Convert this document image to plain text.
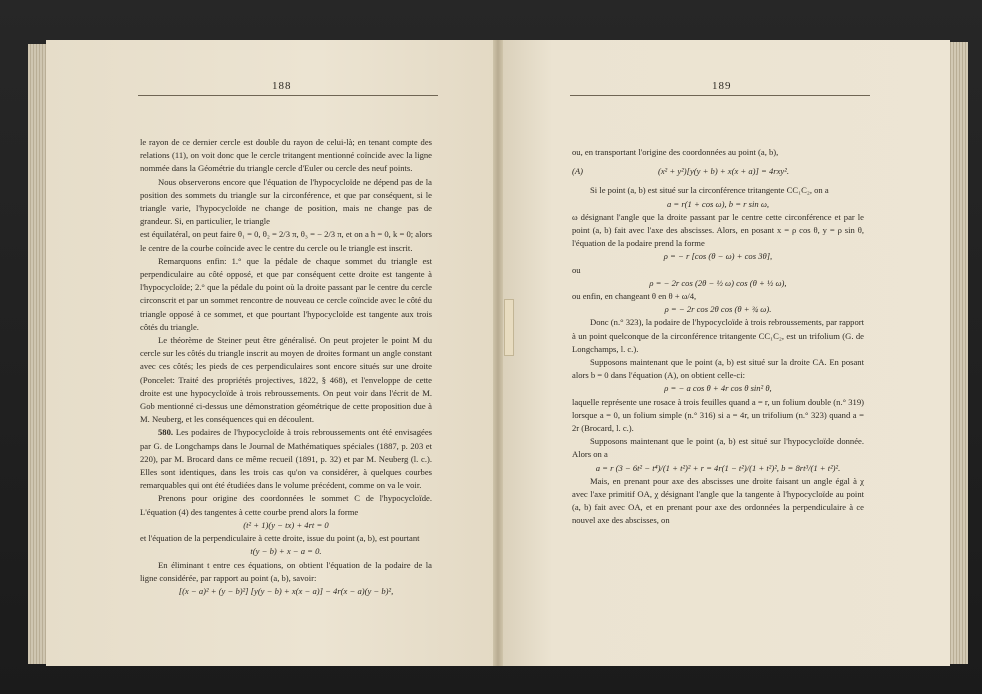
188

le rayon de ce dernier cercle est double du rayon de celui-là; en tenant compte des relations (11), on voit donc que le cercle tritangent mentionné coïncide avec la ligne nommée dans la Géométrie du triangle cercle d'Euler ou cercle des neuf points.

Nous observerons encore que l'équation de l'hypocycloïde ne dépend pas de la position des sommets du triangle sur la circonférence, et que par conséquent, si le triangle varie, l'hypocycloïde ne change de position, mais ne change pas de grandeur. Si, en particulier, le triangle

est équilatéral, on peut faire θ₁ = 0, θ₂ = 2/3 π, θ₃ = − 2/3 π, et on a h = 0, k = 0; alors le centre de la courbe coïncide avec le centre du cercle ou le triangle est inscrit.

Remarquons enfin: 1.° que la pédale de chaque sommet du triangle est perpendiculaire au côté opposé, et que par conséquent cette droite est tangente à l'hypocycloïde; 2.° que la pédale du point où la droite passant par le centre du cercle circonscrit et par un sommet rencontre de nouveau ce cercle coïncide avec le côté du triangle opposé à ce sommet, et que pourtant l'hypocycloïde est tangente aux trois côtés du triangle.

Le théorème de Steiner peut être généralisé. On peut projeter le point M du cercle sur les côtés du triangle inscrit au moyen de droites formant un angle constant avec ces côtés; les pieds de ces perpendiculaires sont encore situés sur une droite (Poncelet: Traité des propriétés projectives, 1822, § 468), et l'enveloppe de cette droite est une hypocycloïde à trois rebroussements. On peut voir dans l'écrit de M. Gob mentionné ci-dessus une démonstration géométrique de cette proposition due à M. Neuberg, et les conséquences qui en découlent.

580. Les podaires de l'hypocycloïde à trois rebroussements ont été envisagées par G. de Longchamps dans le Journal de Mathématiques spéciales (1887, p. 203 et 220), par M. Brocard dans ce même recueil (1891, p. 32) et par M. Neuberg (l. c.). Elles sont identiques, dans les trois cas qu'on va considérer, à quelques courbes remarquables qui ont été étudiées dans le volume précédent, comme on va le voir.

Prenons pour origine des coordonnées le sommet C de l'hypocycloïde. L'équation (4) des tangentes à cette courbe prend alors la forme

(t² + 1)(y − tx) + 4rt = 0

et l'équation de la perpendiculaire à cette droite, issue du point (a, b), est pourtant

t(y − b) + x − a = 0.

En éliminant t entre ces équations, on obtient l'équation de la podaire de la ligne considérée, par rapport au point (a, b), savoir:

[(x − a)² + (y − b)²] [y(y − b) + x(x − a)] − 4r(x − a)(y − b)²,

189

ou, en transportant l'origine des coordonnées au point (a, b),

(A)	(x² + y²)[y(y + b) + x(x + a)] = 4rxy².

Si le point (a, b) est situé sur la circonférence tritangente CC₁C₂, on a

a = r(1 + cos ω), b = r sin ω,

ω désignant l'angle que la droite passant par le centre cette circonférence et par le point (a, b) fait avec l'axe des abscisses. Alors, en posant x = ρ cos θ, y = ρ sin θ, l'équation de la podaire prend la forme

ρ = − r [cos (θ − ω) + cos 3θ],

ou

ρ = − 2r cos (2θ − ½ ω) cos (θ + ½ ω),

ou enfin, en changeant θ en θ + ω/4,

ρ = − 2r cos 2θ cos (θ + ¾ ω).

Donc (n.° 323), la podaire de l'hypocycloïde à trois rebroussements, par rapport à un point quelconque de la circonférence tritangente CC₁C₂, est un trifolium (G. de Longchamps, l. c.).

Supposons maintenant que le point (a, b) est situé sur la droite CA. En posant alors b = 0 dans l'équation (A), on obtient celle-ci:

ρ = − a cos θ + 4r cos θ sin² θ,

laquelle représente une rosace à trois feuilles quand a = r, un folium double (n.° 319) lorsque a = 0, un folium simple (n.° 316) si a = 4r, un trifolium (n.° 323) quand a = 2r (Brocard, l. c.).

Supposons maintenant que le point (a, b) est situé sur l'hypocycloïde donnée. Alors on a

a = r (3 − 6t² − t⁴)/(1 + t²)² + r = 4r(1 − t²)/(1 + t²)², b = 8rt³/(1 + t²)².

Mais, en prenant pour axe des abscisses une droite faisant un angle égal à χ avec l'axe primitif OA, χ désignant l'angle que la tangente à l'hypocycloïde au point (a, b) fait avec OA, et en prenant pour axe des ordonnées la perpendiculaire à ce nouvel axe des abscisses, on
